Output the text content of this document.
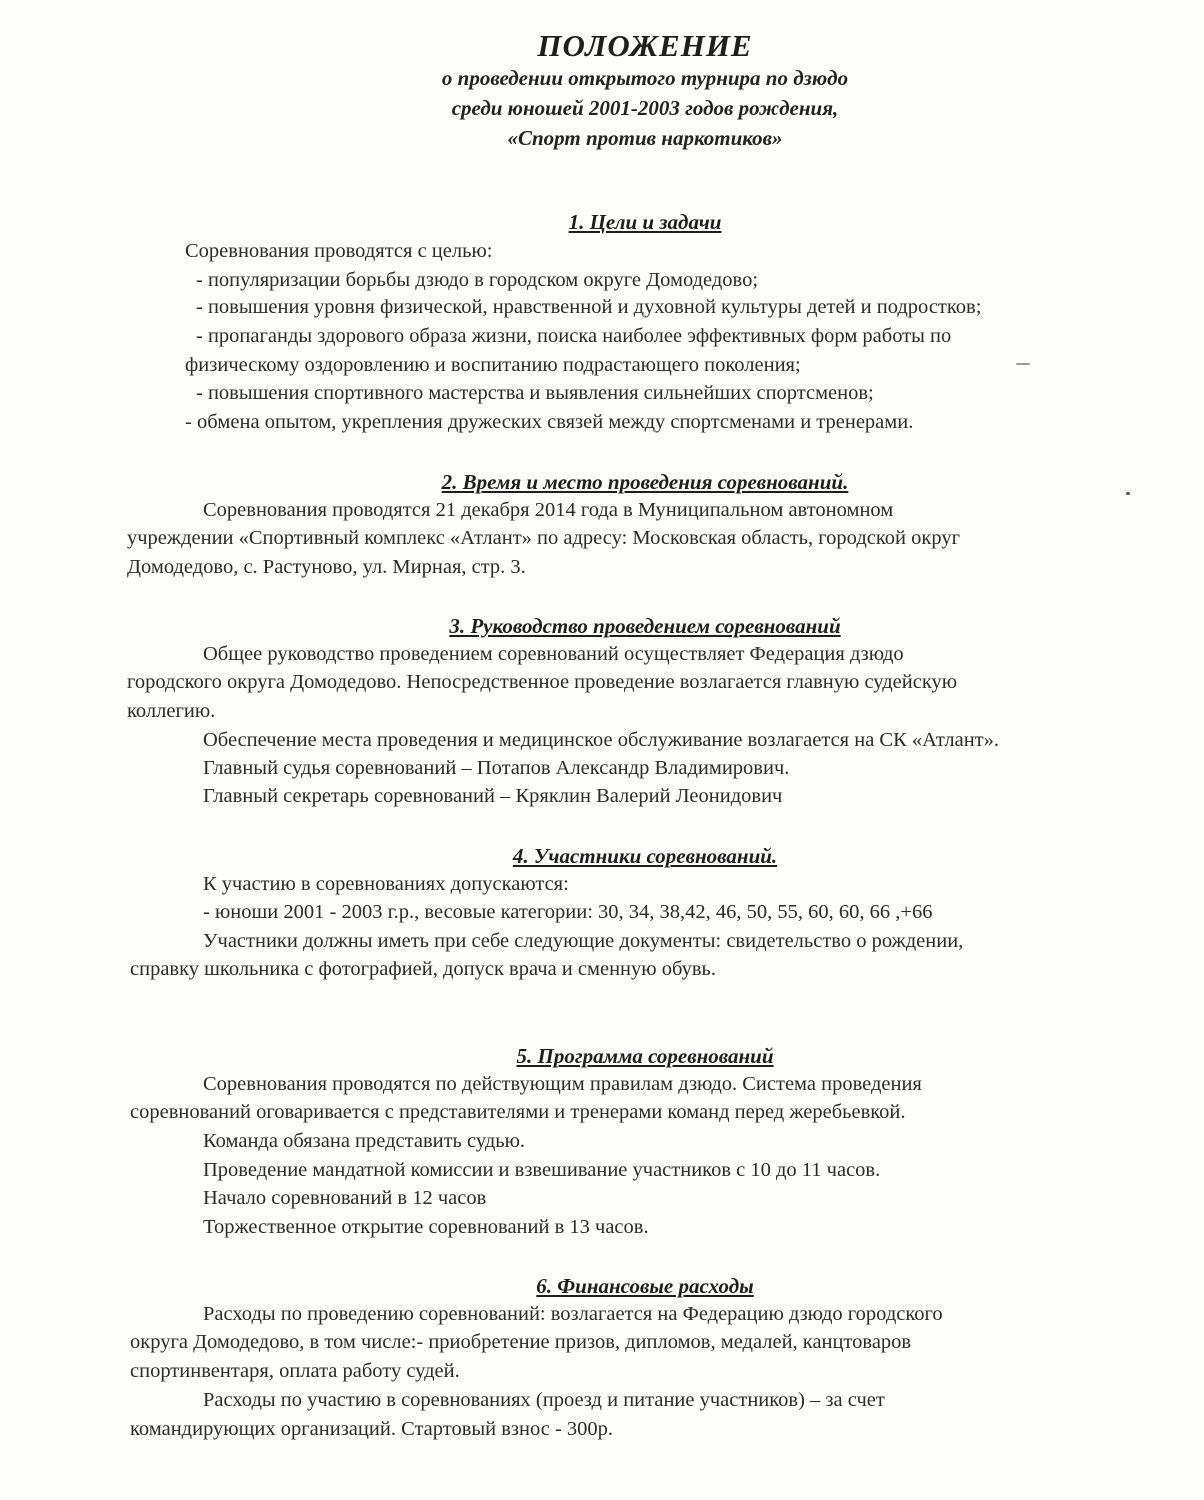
ПОЛОЖЕНИЕ
о проведении открытого турнира по дзюдо
среди юношей 2001-2003 годов рождения,
«Спорт против наркотиков»
1. Цели и задачи
Соревнования проводятся с целью:
- популяризации борьбы дзюдо в городском округе Домодедово;
- повышения уровня физической, нравственной и духовной культуры детей и подростков;
- пропаганды здорового образа жизни, поиска наиболее эффективных форм работы по
физическому оздоровлению и воспитанию подрастающего поколения;
- повышения спортивного мастерства и выявления сильнейших спортсменов;
- обмена опытом, укрепления дружеских связей между спортсменами и тренерами.
2. Время и место проведения соревнований.
Соревнования проводятся 21 декабря 2014 года в Муниципальном автономном
учреждении «Спортивный комплекс «Атлант» по адресу: Московская область, городской округ
Домодедово, с. Растуново, ул. Мирная, стр. 3.
3. Руководство проведением соревнований
Общее руководство проведением соревнований осуществляет Федерация дзюдо
городского округа Домодедово. Непосредственное проведение возлагается главную судейскую
коллегию.
Обеспечение места проведения и медицинское обслуживание возлагается на СК «Атлант».
Главный судья соревнований – Потапов Александр Владимирович.
Главный секретарь соревнований – Кряклин Валерий Леонидович
4. Участники соревнований.
К участию в соревнованиях допускаются:
- юноши 2001 - 2003 г.р., весовые категории: 30, 34, 38,42, 46, 50, 55, 60, 60, 66 ,+66
Участники должны иметь при себе следующие документы: свидетельство о рождении,
справку школьника с фотографией, допуск врача и сменную обувь.
5. Программа соревнований
Соревнования проводятся по действующим правилам дзюдо. Система проведения
соревнований оговаривается с представителями и тренерами команд перед жеребьевкой.
Команда обязана представить судью.
Проведение мандатной комиссии и взвешивание участников с 10 до 11 часов.
Начало соревнований в 12 часов
Торжественное открытие соревнований в 13 часов.
6. Финансовые расходы
Расходы по проведению соревнований: возлагается на Федерацию дзюдо городского
округа Домодедово, в том числе:- приобретение призов, дипломов, медалей, канцтоваров
спортинвентаря, оплата работу судей.
Расходы по участию в соревнованиях (проезд и питание участников) – за счет
командирующих организаций. Стартовый взнос - 300р.
